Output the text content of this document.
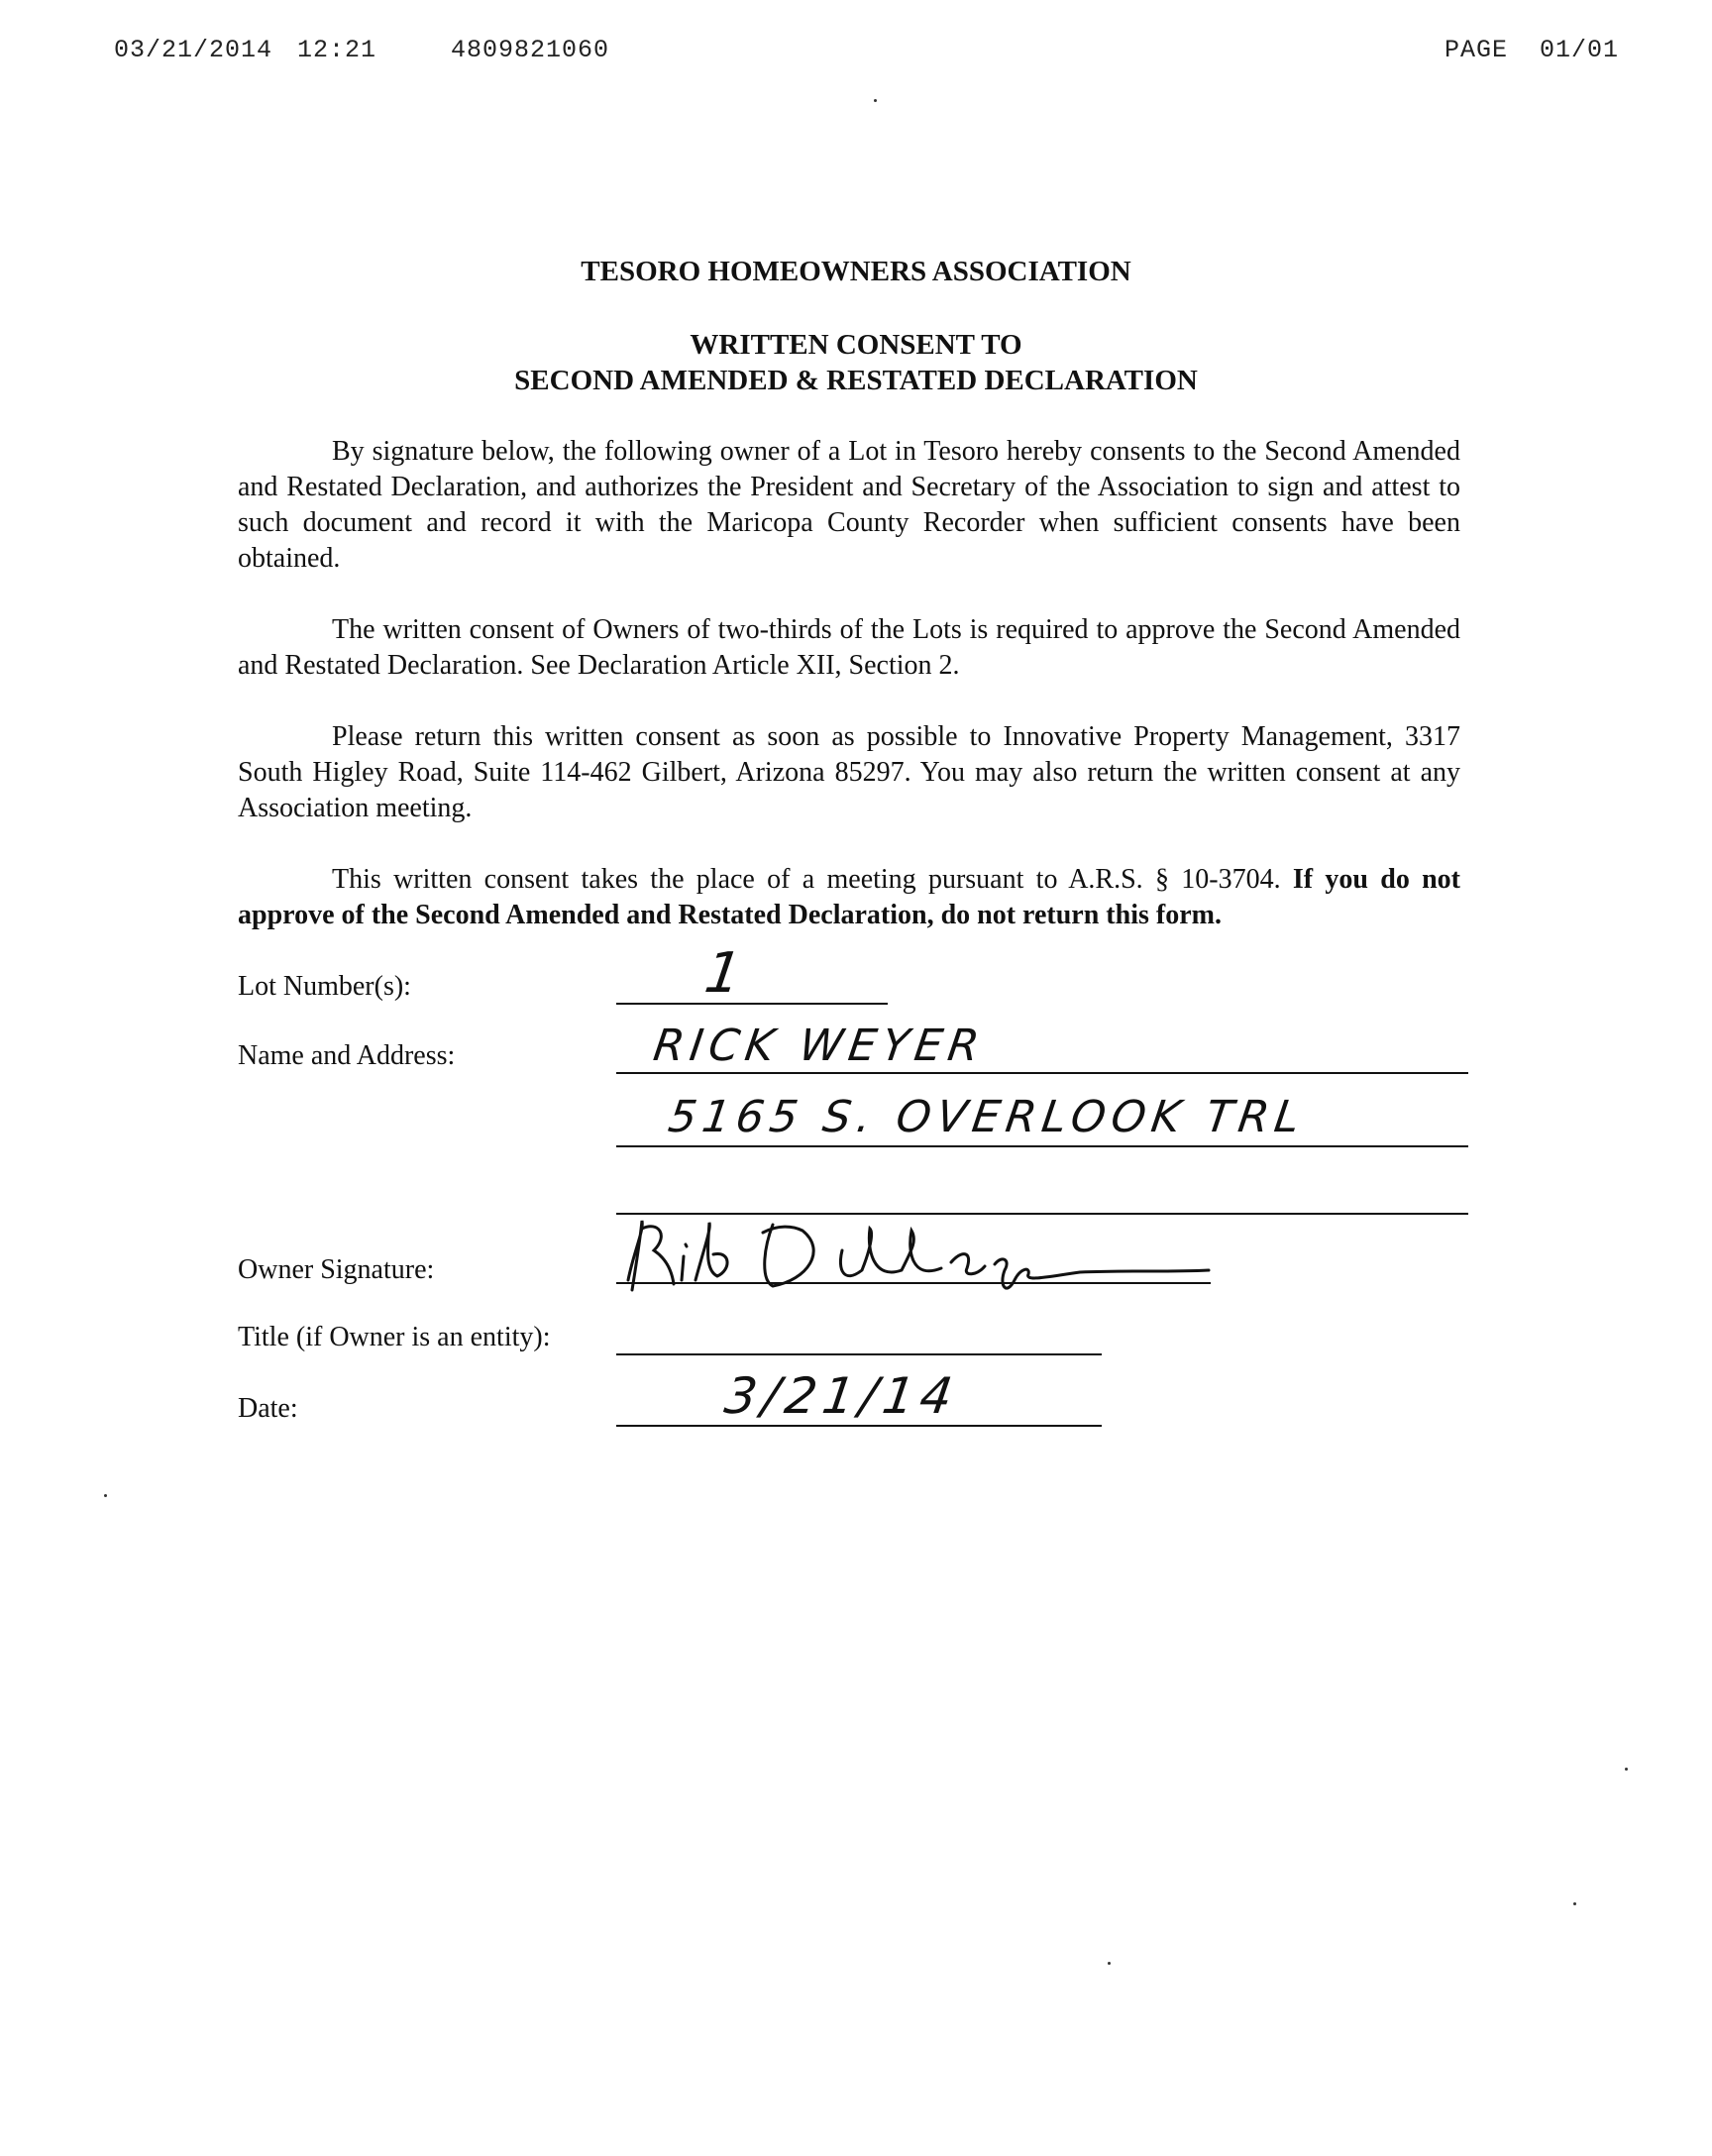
03/21/2014 12:21	4809821060	PAGE  01/01
TESORO HOMEOWNERS ASSOCIATION
WRITTEN CONSENT TO
SECOND AMENDED & RESTATED DECLARATION
By signature below, the following owner of a Lot in Tesoro hereby consents to the Second Amended and Restated Declaration, and authorizes the President and Secretary of the Association to sign and attest to such document and record it with the Maricopa County Recorder when sufficient consents have been obtained.
The written consent of Owners of two-thirds of the Lots is required to approve the Second Amended and Restated Declaration. See Declaration Article XII, Section 2.
Please return this written consent as soon as possible to Innovative Property Management, 3317 South Higley Road, Suite 114-462 Gilbert, Arizona 85297. You may also return the written consent at any Association meeting.
This written consent takes the place of a meeting pursuant to A.R.S. § 10-3704. If you do not approve of the Second Amended and Restated Declaration, do not return this form.
Lot Number(s):	1
Name and Address:	RICK WEYER
5165 S. OVERLOOK TRL
Owner Signature:
Title (if Owner is an entity):
Date:	3/21/14
